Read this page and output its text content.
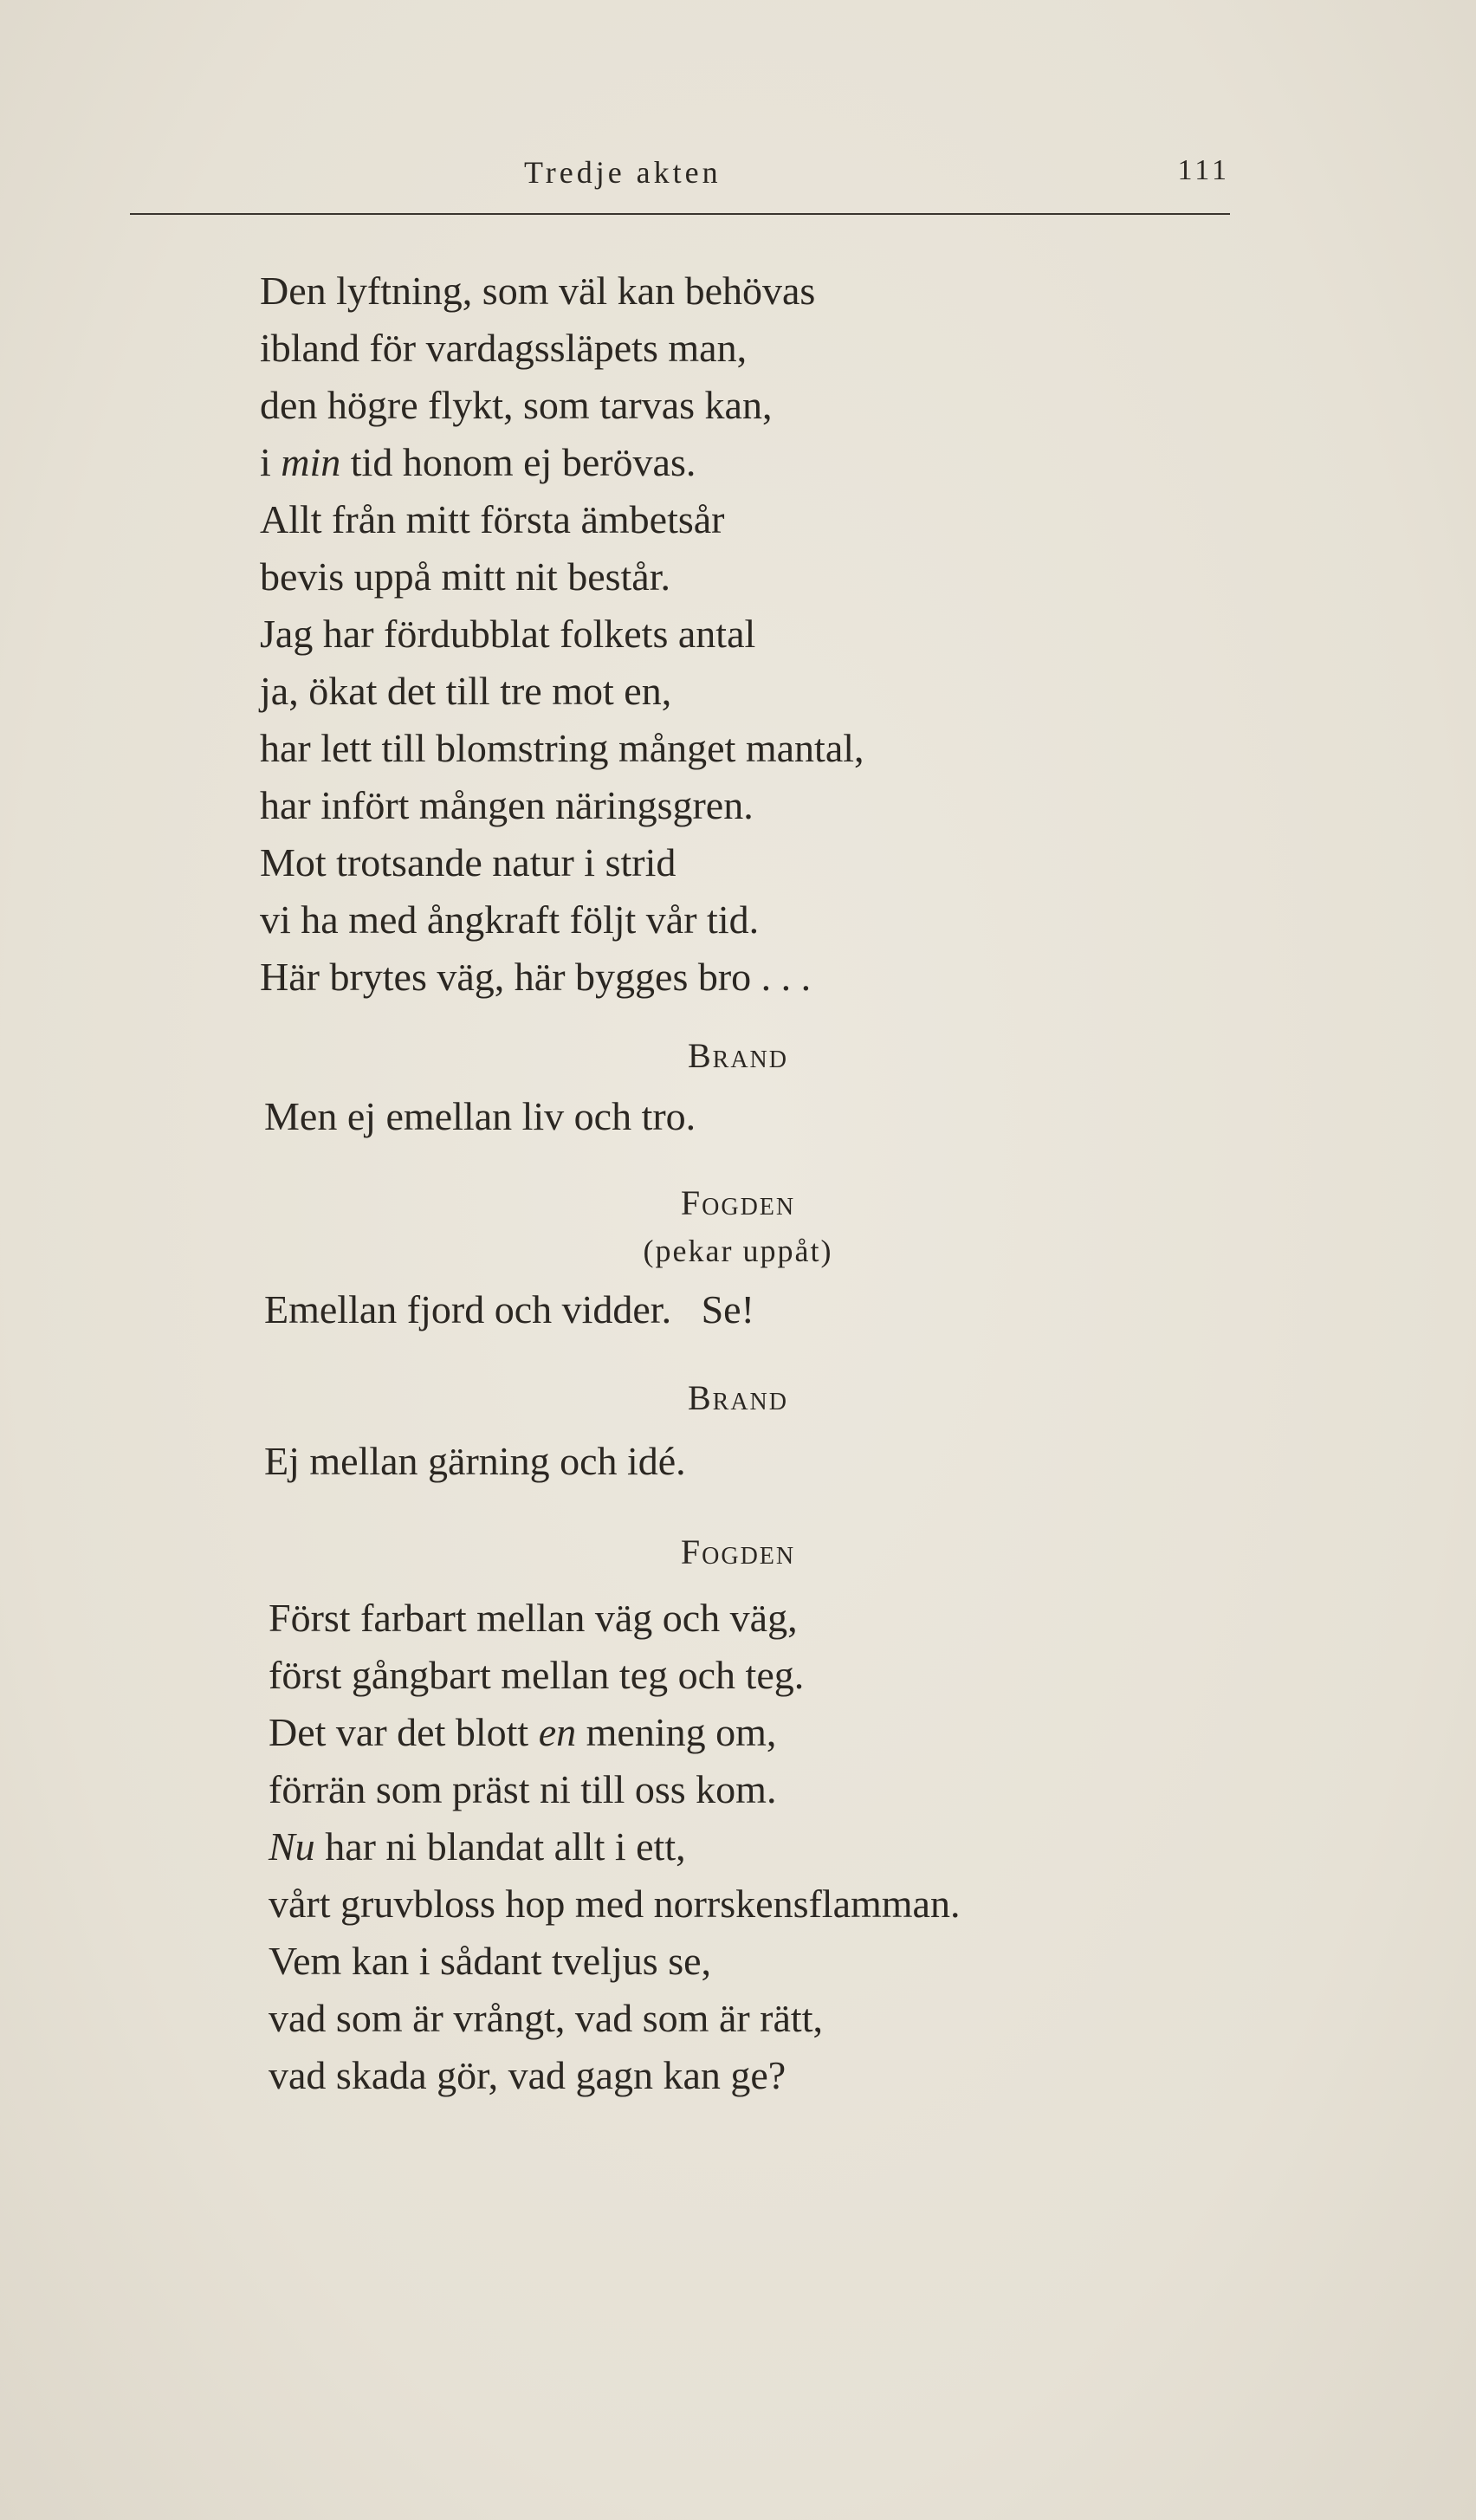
Tredje akten	111
Den lyftning, som väl kan behövas
ibland för vardagssläpets man,
den högre flykt, som tarvas kan,
i min tid honom ej berövas.
Allt från mitt första ämbetsår
bevis uppå mitt nit består.
Jag har fördubblat folkets antal
ja, ökat det till tre mot en,
har lett till blomstring månget mantal,
har infört mången näringsgren.
Mot trotsande natur i strid
vi ha med ångkraft följt vår tid.
Här brytes väg, här bygges bro . . .
Brand
Men ej emellan liv och tro.
Fogden
(pekar uppåt)
Emellan fjord och vidder.   Se!
Brand
Ej mellan gärning och idé.
Fogden
Först farbart mellan väg och väg,
först gångbart mellan teg och teg.
Det var det blott en mening om,
förrän som präst ni till oss kom.
Nu har ni blandat allt i ett,
vårt gruvbloss hop med norrskensflamman.
Vem kan i sådant tveljus se,
vad som är vrångt, vad som är rätt,
vad skada gör, vad gagn kan ge?
